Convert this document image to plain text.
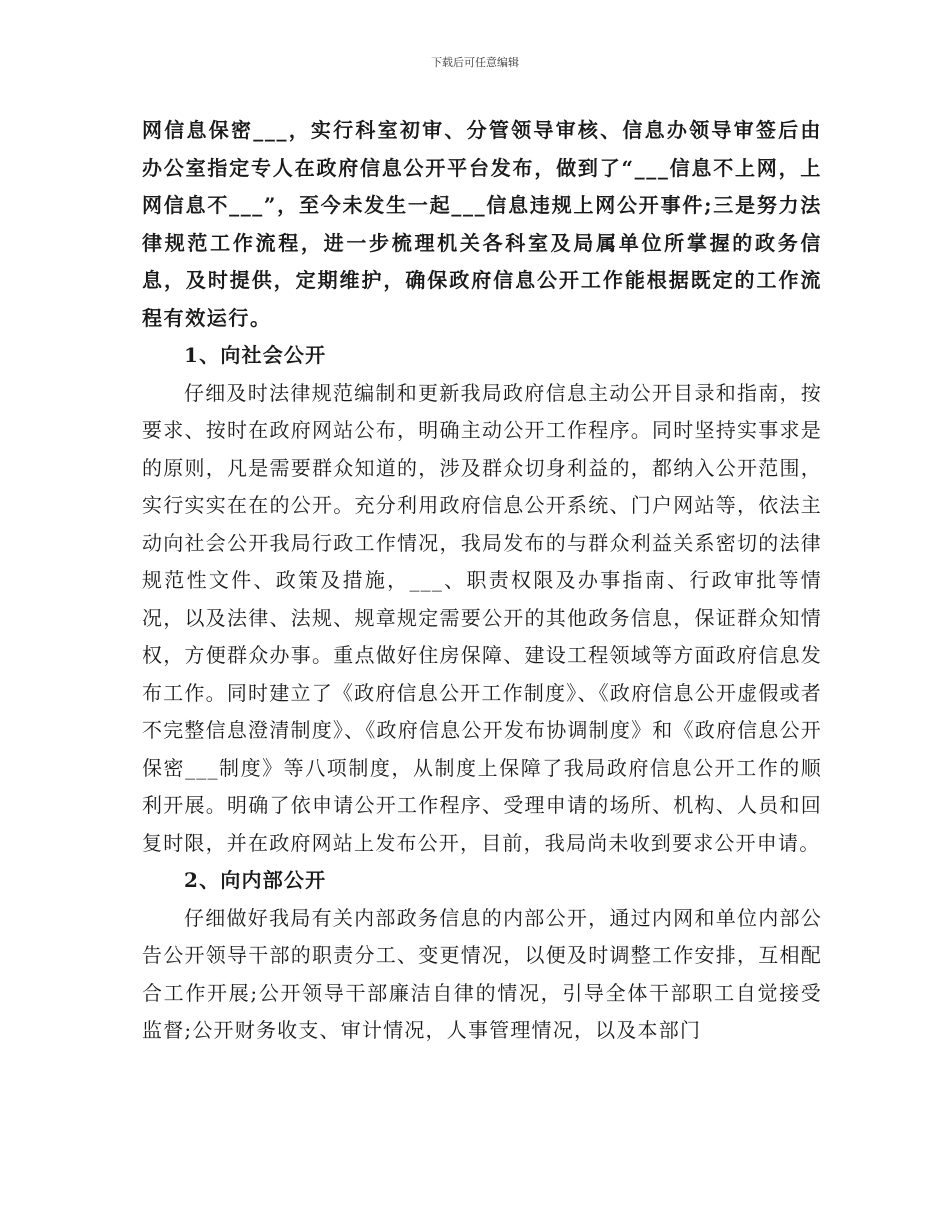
下载后可任意编辑

网信息保密___，实行科室初审、分管领导审核、信息办领导审签后由办公室指定专人在政府信息公开平台发布，做到了“___信息不上网，上网信息不___”，至今未发生一起___信息违规上网公开事件;三是努力法律规范工作流程，进一步梳理机关各科室及局属单位所掌握的政务信息，及时提供，定期维护，确保政府信息公开工作能根据既定的工作流程有效运行。

1、向社会公开

仔细及时法律规范编制和更新我局政府信息主动公开目录和指南，按要求、按时在政府网站公布，明确主动公开工作程序。同时坚持实事求是的原则，凡是需要群众知道的，涉及群众切身利益的，都纳入公开范围，实行实实在在的公开。充分利用政府信息公开系统、门户网站等，依法主动向社会公开我局行政工作情况，我局发布的与群众利益关系密切的法律规范性文件、政策及措施，___、职责权限及办事指南、行政审批等情况，以及法律、法规、规章规定需要公开的其他政务信息，保证群众知情权，方便群众办事。重点做好住房保障、建设工程领域等方面政府信息发布工作。同时建立了《政府信息公开工作制度》、《政府信息公开虚假或者不完整信息澄清制度》、《政府信息公开发布协调制度》和《政府信息公开保密___制度》等八项制度，从制度上保障了我局政府信息公开工作的顺利开展。明确了依申请公开工作程序、受理申请的场所、机构、人员和回复时限，并在政府网站上发布公开，目前，我局尚未收到要求公开申请。

2、向内部公开

仔细做好我局有关内部政务信息的内部公开，通过内网和单位内部公告公开领导干部的职责分工、变更情况，以便及时调整工作安排，互相配合工作开展;公开领导干部廉洁自律的情况，引导全体干部职工自觉接受监督;公开财务收支、审计情况，人事管理情况，以及本部门
